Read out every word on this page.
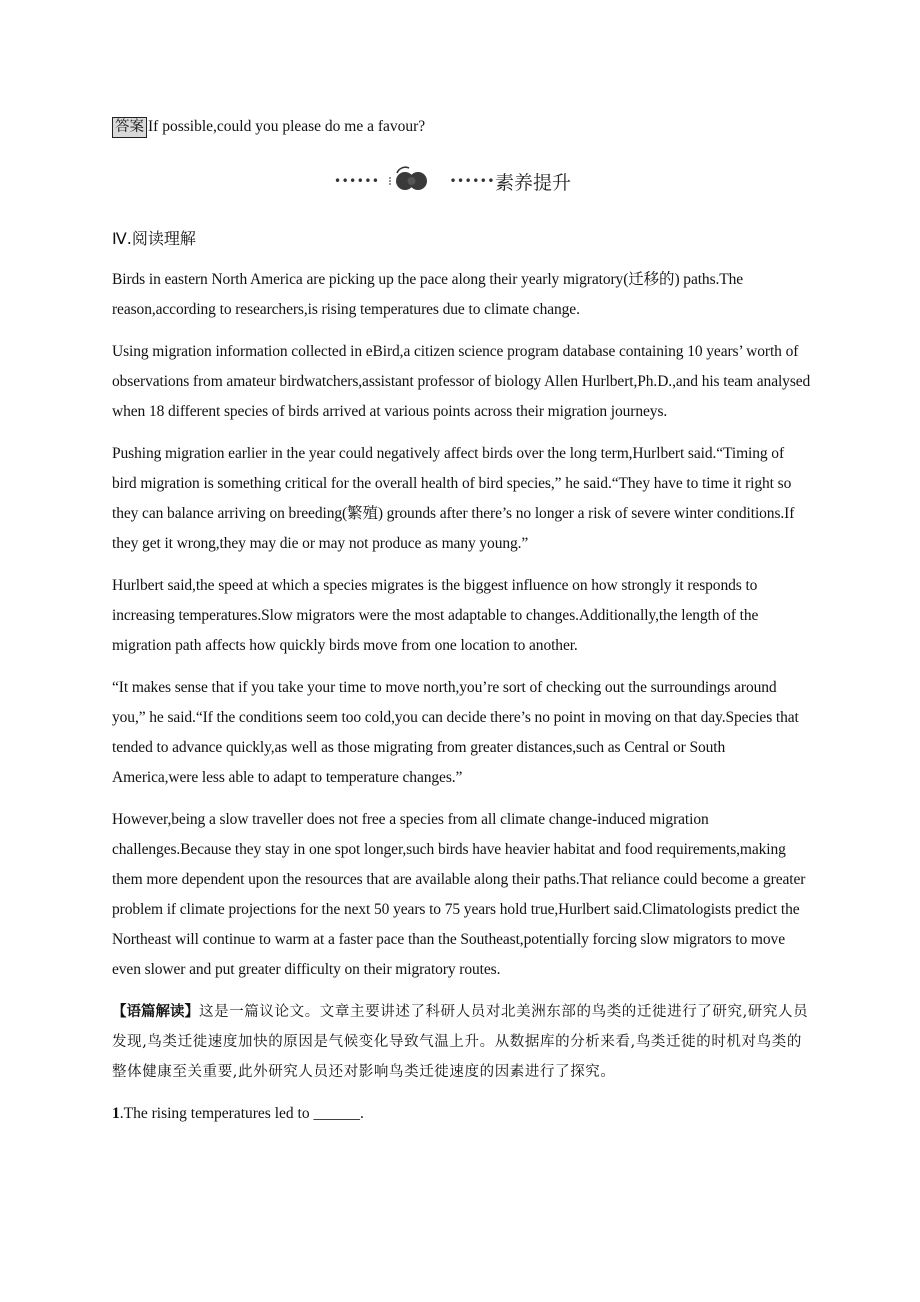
答案 If possible,could you please do me a favour?
••••••	•••••• 素养提升
Ⅳ.阅读理解

Birds in eastern North America are picking up the pace along their yearly migratory(迁移的) paths.The reason,according to researchers,is rising temperatures due to climate change.

Using migration information collected in eBird,a citizen science program database containing 10 years’ worth of observations from amateur birdwatchers,assistant professor of biology Allen Hurlbert,Ph.D.,and his team analysed when 18 different species of birds arrived at various points across their migration journeys.

Pushing migration earlier in the year could negatively affect birds over the long term,Hurlbert said.“Timing of bird migration is something critical for the overall health of bird species,” he said.“They have to time it right so they can balance arriving on breeding(繁殖) grounds after there’s no longer a risk of severe winter conditions.If they get it wrong,they may die or may not produce as many young.”

Hurlbert said,the speed at which a species migrates is the biggest influence on how strongly it responds to increasing temperatures.Slow migrators were the most adaptable to changes.Additionally,the length of the migration path affects how quickly birds move from one location to another.

“It makes sense that if you take your time to move north,you’re sort of checking out the surroundings around you,” he said.“If the conditions seem too cold,you can decide there’s no point in moving on that day.Species that tended to advance quickly,as well as those migrating from greater distances,such as Central or South America,were less able to adapt to temperature changes.”

However,being a slow traveller does not free a species from all climate change-induced migration challenges.Because they stay in one spot longer,such birds have heavier habitat and food requirements,making them more dependent upon the resources that are available along their paths.That reliance could become a greater problem if climate projections for the next 50 years to 75 years hold true,Hurlbert said.Climatologists predict the Northeast will continue to warm at a faster pace than the Southeast,potentially forcing slow migrators to move even slower and put greater difficulty on their migratory routes.

【语篇解读】这是一篇议论文。文章主要讲述了科研人员对北美洲东部的鸟类的迁徙进行了研究,研究人员发现,鸟类迁徙速度加快的原因是气候变化导致气温上升。从数据库的分析来看,鸟类迁徙的时机对鸟类的整体健康至关重要,此外研究人员还对影响鸟类迁徙速度的因素进行了探究。

1.The rising temperatures led to ______.
